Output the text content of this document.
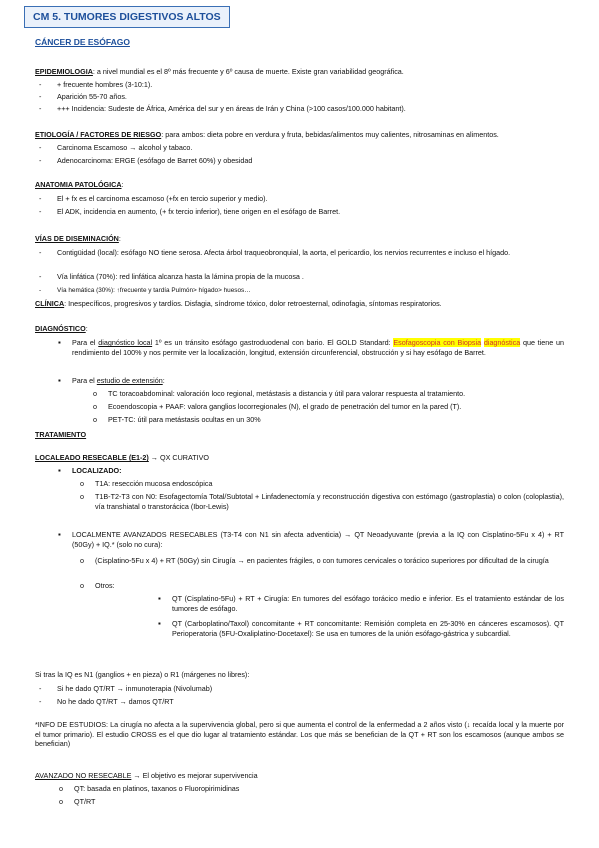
CM 5. TUMORES DIGESTIVOS ALTOS
CÁNCER DE ESÓFAGO
EPIDEMIOLOGIA: a nivel mundial es el 8º más frecuente y 6º causa de muerte. Existe gran variabilidad geográfica.
- + frecuente hombres (3-10:1).
- Aparición 55-70 años.
- +++ Incidencia: Sudeste de África, América del sur y en áreas de Irán y China (>100 casos/100.000 habitant).
ETIOLOGÍA / FACTORES DE RIESGO: para ambos: dieta pobre en verdura y fruta, bebidas/alimentos muy calientes, nitrosaminas en alimentos.
- Carcinoma Escamoso → alcohol y tabaco.
- Adenocarcinoma: ERGE (esófago de Barret 60%) y obesidad
ANATOMIA PATOLÓGICA:
- El + fx es el carcinoma escamoso (+fx en tercio superior y medio).
- El ADK, incidencia en aumento, (+ fx tercio inferior), tiene origen en el esófago de Barret.
VÍAS DE DISEMINACIÓN:
- Contigüidad (local): esófago NO tiene serosa. Afecta árbol traqueobronquial, la aorta, el pericardio, los nervios recurrentes e incluso el hígado.
- Vía linfática (70%): red linfática alcanza hasta la lámina propia de la mucosa .
- Vía hemática (30%): ↑frecuente y tardía Pulmón> hígado> huesos…
CLÍNICA: Inespecíficos, progresivos y tardíos. Disfagia, síndrome tóxico, dolor retroesternal, odinofagia, síntomas respiratorios.
DIAGNÓSTICO:
▪ Para el diagnóstico local 1º es un tránsito esófago gastroduodenal con bario. El GOLD Standard: Esofagoscopia con Biopsia diagnóstica que tiene un rendimiento del 100% y nos permite ver la localización, longitud, extensión circunferencial, obstrucción y si hay esófago de Barret.
▪ Para el estudio de extensión:
o TC toracoabdominal: valoración loco regional, metástasis a distancia y útil para valorar respuesta al tratamiento.
o Ecoendoscopia + PAAF: valora ganglios locorregionales (N), el grado de penetración del tumor en la pared (T).
o PET-TC: útil para metástasis ocultas en un 30%
TRATAMIENTO
LOCALEADO RESECABLE (E1-2) → QX CURATIVO
▪ LOCALIZADO:
o T1A: resección mucosa endoscópica
o T1B-T2-T3 con N0: Esofagectomía Total/Subtotal + Linfadenectomía y reconstrucción digestiva con estómago (gastroplastia) o colon (coloplastia), vía transhiatal o transtorácica (Ibor-Lewis)
▪ LOCALMENTE AVANZADOS RESECABLES (T3-T4 con N1 sin afecta adventicia) → QT Neoadyuvante (previa a la IQ con Cisplatino-5Fu x 4) + RT (50Gy) + IQ.* (solo no cura):
o (Cisplatino-5Fu x 4) + RT (50Gy) sin Cirugía → en pacientes frágiles, o con tumores cervicales o torácico superiores por dificultad de la cirugía
o Otros:
▪ QT (Cisplatino-5Fu) + RT + Cirugía: En tumores del esófago torácico medio e inferior. Es el tratamiento estándar de los tumores de esófago.
▪ QT (Carboplatino/Taxol) concomitante + RT concomitante: Remisión completa en 25-30% en cánceres escamosos). QT Perioperatoria (5FU-Oxaliplatino-Docetaxel): Se usa en tumores de la unión esófago-gástrica y subcardial.
Si tras la IQ es N1 (ganglios + en pieza) o R1 (márgenes no libres):
- Si he dado QT/RT → inmunoterapia (Nivolumab)
- No he dado QT/RT → damos QT/RT
*INFO DE ESTUDIOS: La cirugía no afecta a la supervivencia global, pero si que aumenta el control de la enfermedad a 2 años visto (↓ recaída local y la muerte por el tumor primario). El estudio CROSS es el que dio lugar al tratamiento estándar. Los que más se benefician de la QT + RT son los escamosos (aunque ambos se benefician)
AVANZADO NO RESECABLE → El objetivo es mejorar supervivencia
o QT: basada en platinos, taxanos o Fluoropirimidinas
o QT/RT
